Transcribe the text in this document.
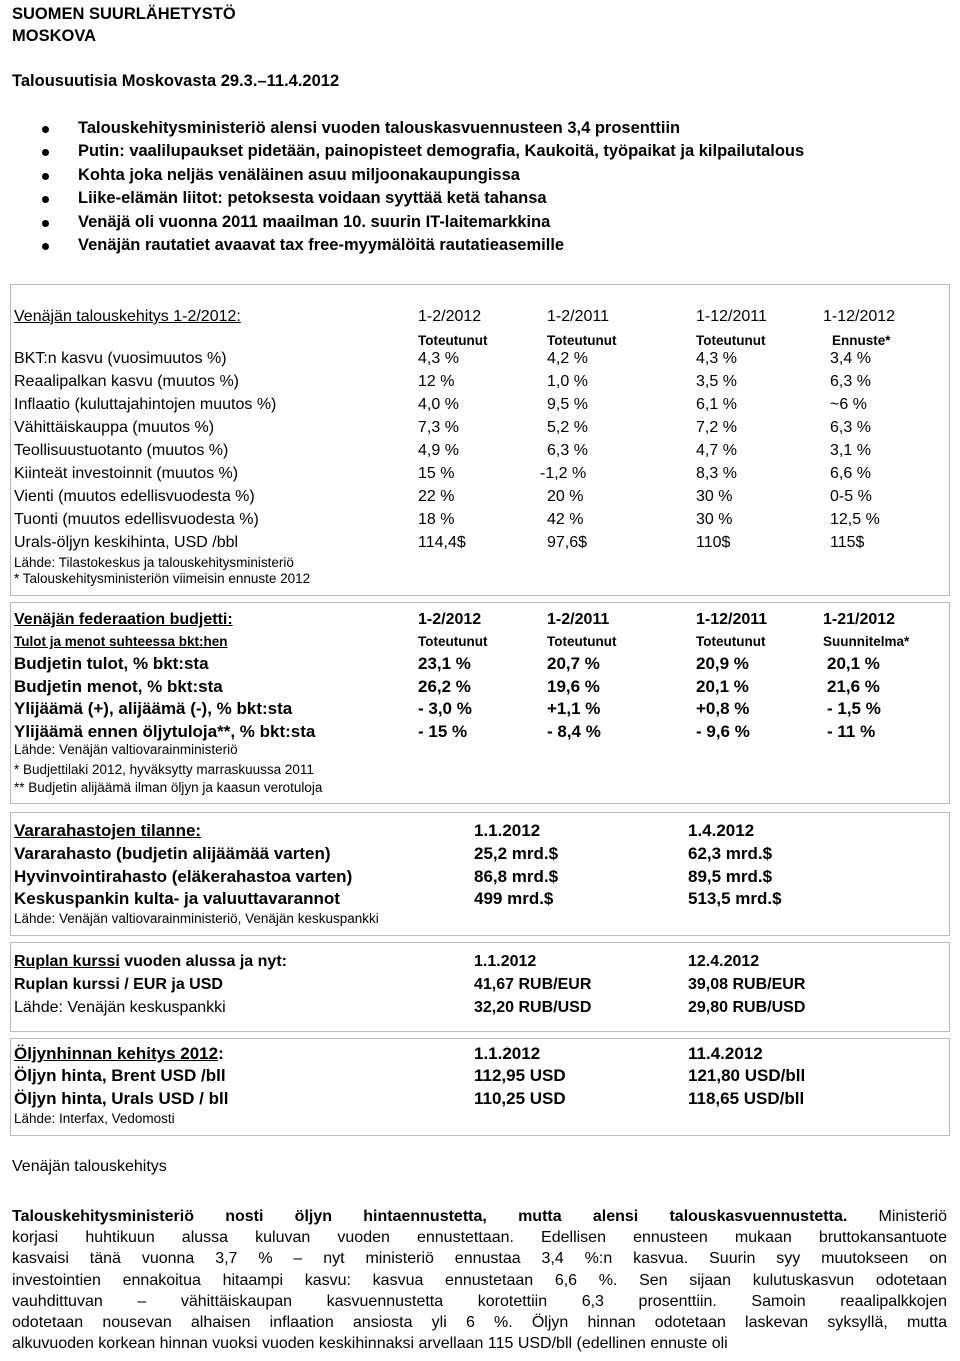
SUOMEN SUURLÄHETYSTÖ
MOSKOVA
Talousuutisia Moskovasta 29.3.–11.4.2012
Talouskehitysministeriö alensi vuoden talouskasvuennusteen 3,4 prosenttiin
Putin: vaalilupaukset pidetään, painopisteet demografia, Kaukoitä, työpaikat ja kilpailutalous
Kohta joka neljäs venäläinen asuu miljoonakaupungissa
Liike-elämän liitot: petoksesta voidaan syyttää ketä tahansa
Venäjä oli vuonna 2011 maailman 10. suurin IT-laitemarkkina
Venäjän rautatiet avaavat tax free-myymälöitä rautatieasemille
Venäjän talouskehitys 1-2/2012:	1-2/2012	1-2/2011	1-12/2011	1-12/2012
Toteutunut	Toteutunut	Toteutunut	Ennuste*
BKT:n kasvu (vuosimuutos %)	4,3 %	4,2 %	4,3 %	3,4 %
Reaalipalkan kasvu (muutos %)	12 %	1,0 %	3,5 %	6,3 %
Inflaatio (kuluttajahintojen muutos %)	4,0 %	9,5 %	6,1 %	~6 %
Vähittäiskauppa (muutos %)	7,3 %	5,2 %	7,2 %	6,3 %
Teollisuustuotanto (muutos %)	4,9 %	6,3 %	4,7 %	3,1 %
Kiinteät investoinnit (muutos %)	15 %	-1,2 %	8,3 %	6,6 %
Vienti (muutos edellisvuodesta %)	22 %	20 %	30 %	0-5 %
Tuonti (muutos edellisvuodesta %)	18 %	42 %	30 %	12,5 %
Urals-öljyn keskihinta, USD /bbl	114,4$	97,6$	110$	115$
Lähde: Tilastokeskus ja talouskehitysministeriö
* Talouskehitysministeriön viimeisin ennuste 2012
Venäjän federaation budjetti:	1-2/2012	1-2/2011	1-12/2011	1-21/2012
Tulot ja menot suhteessa bkt:hen	Toteutunut	Toteutunut	Toteutunut	Suunnitelma*
Budjetin tulot, % bkt:sta	23,1 %	20,7 %	20,9 %	20,1 %
Budjetin menot, % bkt:sta	26,2 %	19,6 %	20,1 %	21,6 %
Ylijäämä (+), alijäämä (-), % bkt:sta	- 3,0 %	+1,1 %	+0,8 %	- 1,5 %
Ylijäämä ennen öljytuloja**, % bkt:sta	- 15 %	- 8,4 %	- 9,6 %	- 11 %
Lähde: Venäjän valtiovarainministeriö
* Budjettilaki 2012, hyväksytty marraskuussa 2011
** Budjetin alijäämä ilman öljyn ja kaasun verotuloja
Vararahastojen tilanne:	1.1.2012	1.4.2012
Vararahasto (budjetin alijäämää varten)	25,2 mrd.$	62,3 mrd.$
Hyvinvointirahasto (eläkerahastoa varten)	86,8 mrd.$	89,5 mrd.$
Keskuspankin kulta- ja valuuttavarannot	499 mrd.$	513,5 mrd.$
Lähde: Venäjän valtiovarainministeriö, Venäjän keskuspankki
Ruplan kurssi vuoden alussa ja nyt:	1.1.2012	12.4.2012
Ruplan kurssi / EUR ja USD	41,67 RUB/EUR	39,08 RUB/EUR
Lähde: Venäjän keskuspankki	32,20 RUB/USD	29,80 RUB/USD
Öljynhinnan kehitys 2012:	1.1.2012	11.4.2012
Öljyn hinta, Brent USD /bll	112,95 USD	121,80 USD/bll
Öljyn hinta, Urals USD / bll	110,25 USD	118,65 USD/bll
Lähde: Interfax, Vedomosti
Venäjän talouskehitys

Talouskehitysministeriö nosti öljyn hintaennustetta, mutta alensi talouskasvuennustetta. Ministeriö

korjasi huhtikuun alussa kuluvan vuoden ennustettaan. Edellisen ennusteen mukaan bruttokansantuote

kasvaisi tänä vuonna 3,7 % – nyt ministeriö ennustaa 3,4 %:n kasvua. Suurin syy muutokseen on

investointien ennakoitua hitaampi kasvu: kasvua ennustetaan 6,6 %. Sen sijaan kulutuskasvun odotetaan

vauhdittuvan – vähittäiskaupan kasvuennustetta korotettiin 6,3 prosenttiin. Samoin reaalipalkkojen

odotetaan nousevan alhaisen inflaation ansiosta yli 6 %. Öljyn hinnan odotetaan laskevan syksyllä, mutta

alkuvuoden korkean hinnan vuoksi vuoden keskihinnaksi arvellaan 115 USD/bll (edellinen ennuste oli
